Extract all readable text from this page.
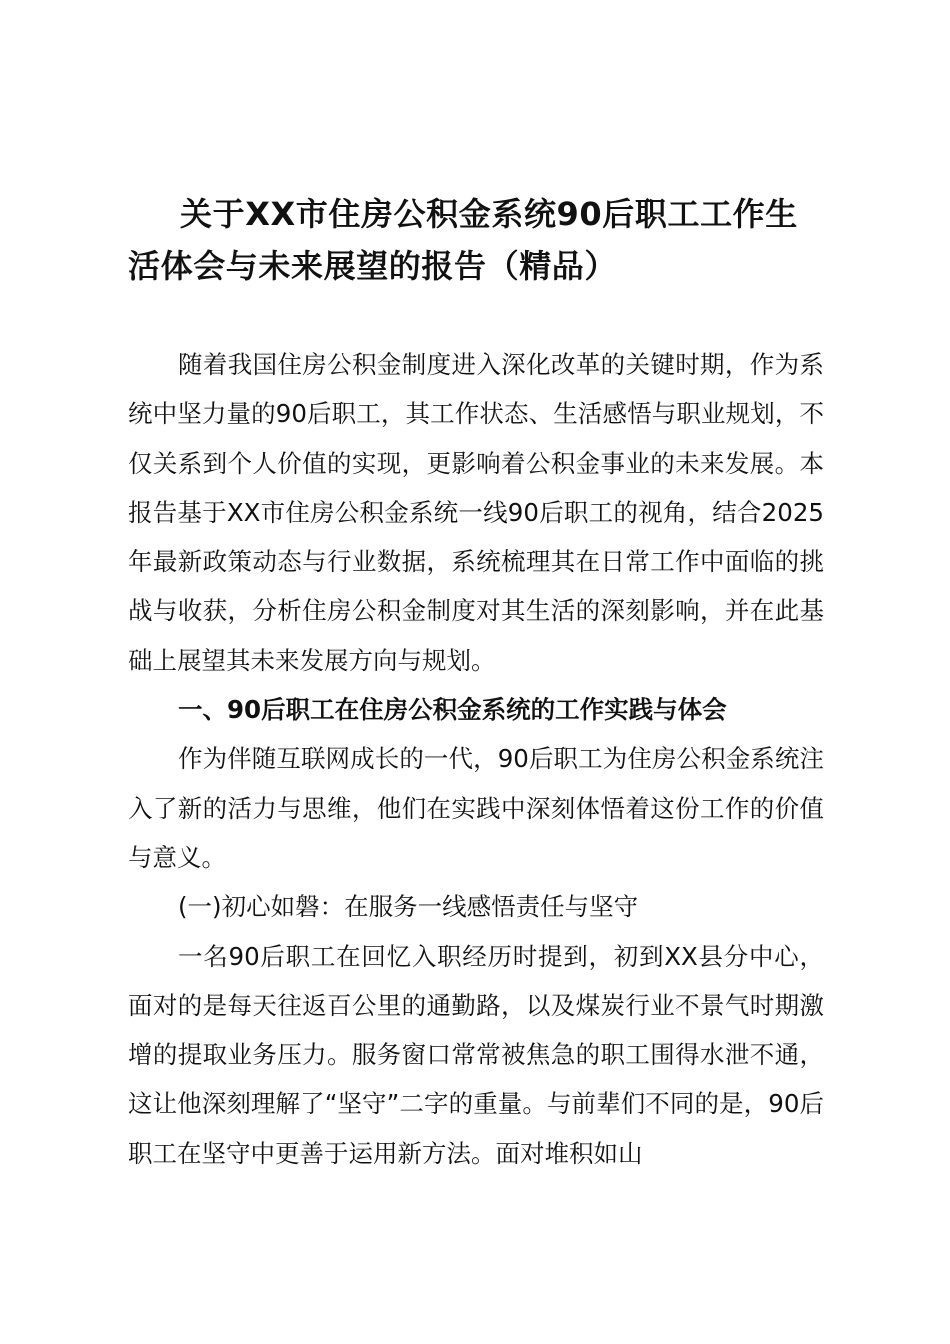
关于XX市住房公积金系统90后职工工作生活体会与未来展望的报告（精品）

随着我国住房公积金制度进入深化改革的关键时期，作为系统中坚力量的90后职工，其工作状态、生活感悟与职业规划，不仅关系到个人价值的实现，更影响着公积金事业的未来发展。本报告基于XX市住房公积金系统一线90后职工的视角，结合2025年最新政策动态与行业数据，系统梳理其在日常工作中面临的挑战与收获，分析住房公积金制度对其生活的深刻影响，并在此基础上展望其未来发展方向与规划。

一、90后职工在住房公积金系统的工作实践与体会

作为伴随互联网成长的一代，90后职工为住房公积金系统注入了新的活力与思维，他们在实践中深刻体悟着这份工作的价值与意义。

(一)初心如磐：在服务一线感悟责任与坚守

一名90后职工在回忆入职经历时提到，初到XX县分中心，面对的是每天往返百公里的通勤路，以及煤炭行业不景气时期激增的提取业务压力。服务窗口常常被焦急的职工围得水泄不通，这让他深刻理解了“坚守”二字的重量。与前辈们不同的是，90后职工在坚守中更善于运用新方法。面对堆积如山
